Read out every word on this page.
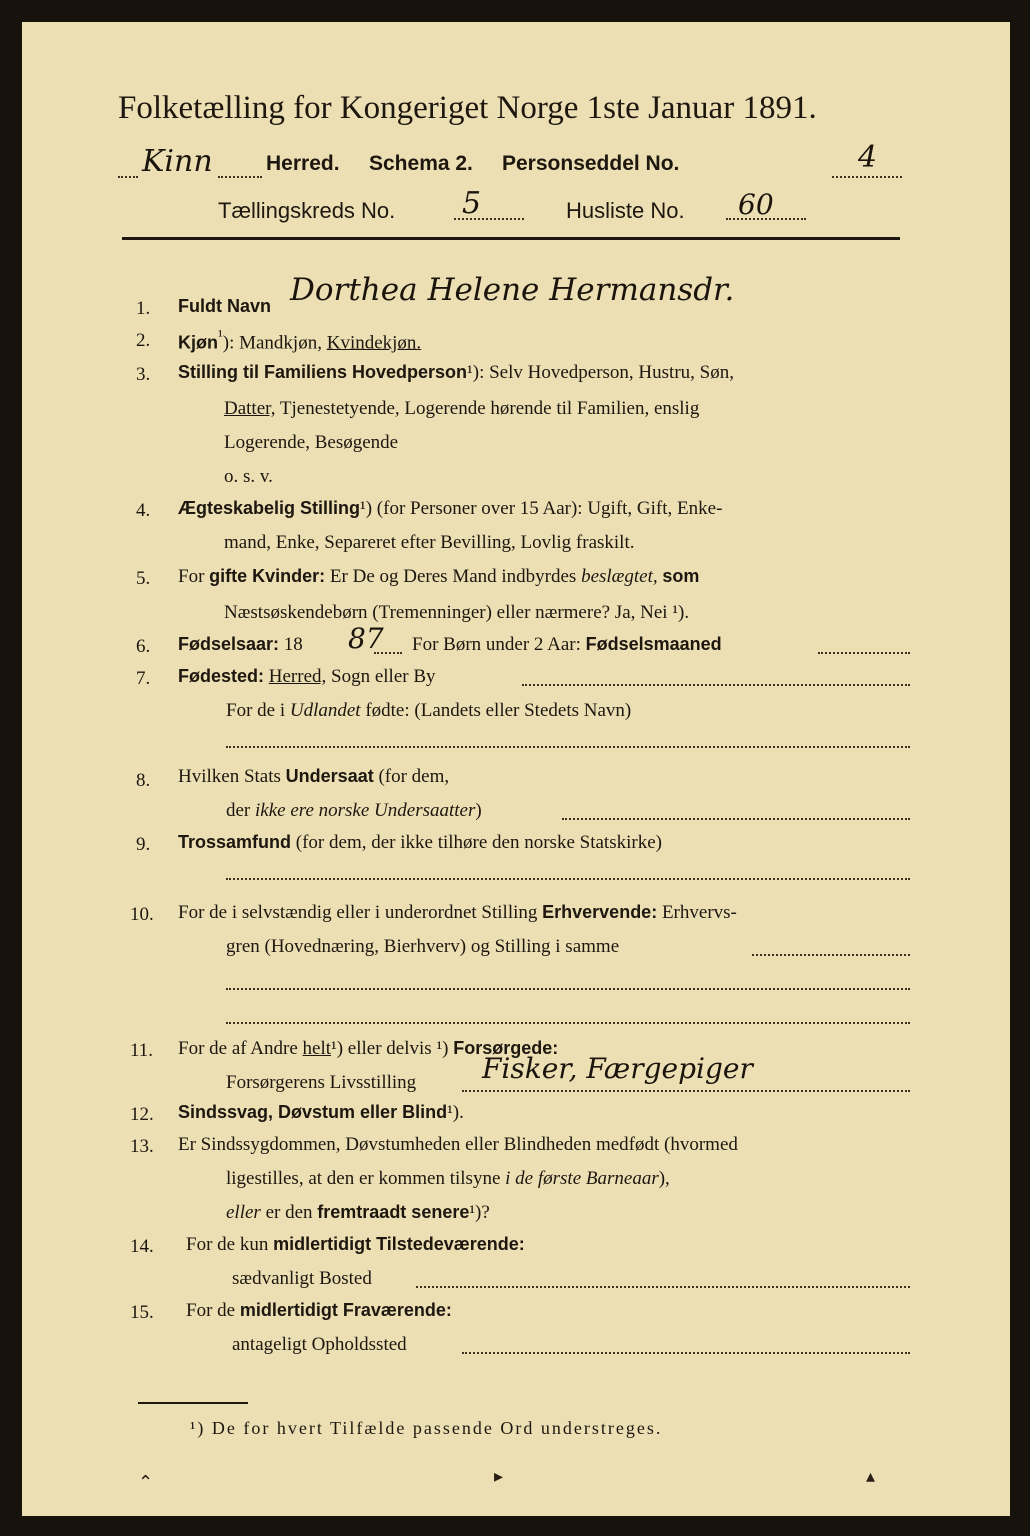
Folketælling for Kongeriget Norge 1ste Januar 1891.
Kinn	Herred. Schema 2. Personseddel No.	4
Tællingskreds No. 5	Husliste No. 60
1. Fuldt Navn Dorthea Helene Hermansdr.
2. Kjøn$^{^1}$): Mandkjøn, Kvindekjøn.
3. Stilling til Familiens Hovedperson¹): Selv Hovedperson, Hustru, Søn,
Datter, Tjenestetyende, Logerende hørende til Familien, enslig
Logerende, Besøgende
o. s. v.
4. Ægteskabelig Stilling¹) (for Personer over 15 Aar): Ugift, Gift, Enke-
mand, Enke, Separeret efter Bevilling, Lovlig fraskilt.
5. For gifte Kvinder: Er De og Deres Mand indbyrdes beslægtet, som
Næstsøskendebørn (Tremenninger) eller nærmere? Ja, Nei ¹).
6. Fødselsaar: 18 87 For Børn under 2 Aar: Fødselsmaaned
7. Fødested: Herred, Sogn eller By
For de i Udlandet fødte: (Landets eller Stedets Navn)
8. Hvilken Stats Undersaat (for dem,
der ikke ere norske Undersaatter)
9. Trossamfund (for dem, der ikke tilhøre den norske Statskirke)
10. For de i selvstændig eller i underordnet Stilling Erhvervende: Erhvervs-
gren (Hovednæring, Bierhverv) og Stilling i samme
11. For de af Andre helt¹) eller delvis ¹) Forsørgede:
Forsørgerens Livsstilling Fisker, Færgepiger
12. Sindssvag, Døvstum eller Blind¹).
13. Er Sindssygdommen, Døvstumheden eller Blindheden medfødt (hvormed
ligestilles, at den er kommen tilsyne i de første Barneaar),
eller er den fremtraadt senere¹)?
14. For de kun midlertidigt Tilstedeværende:
sædvanligt Bosted
15. For de midlertidigt Fraværende:
antageligt Opholdssted
¹) De for hvert Tilfælde passende Ord understreges.
⌃	▸	▴
